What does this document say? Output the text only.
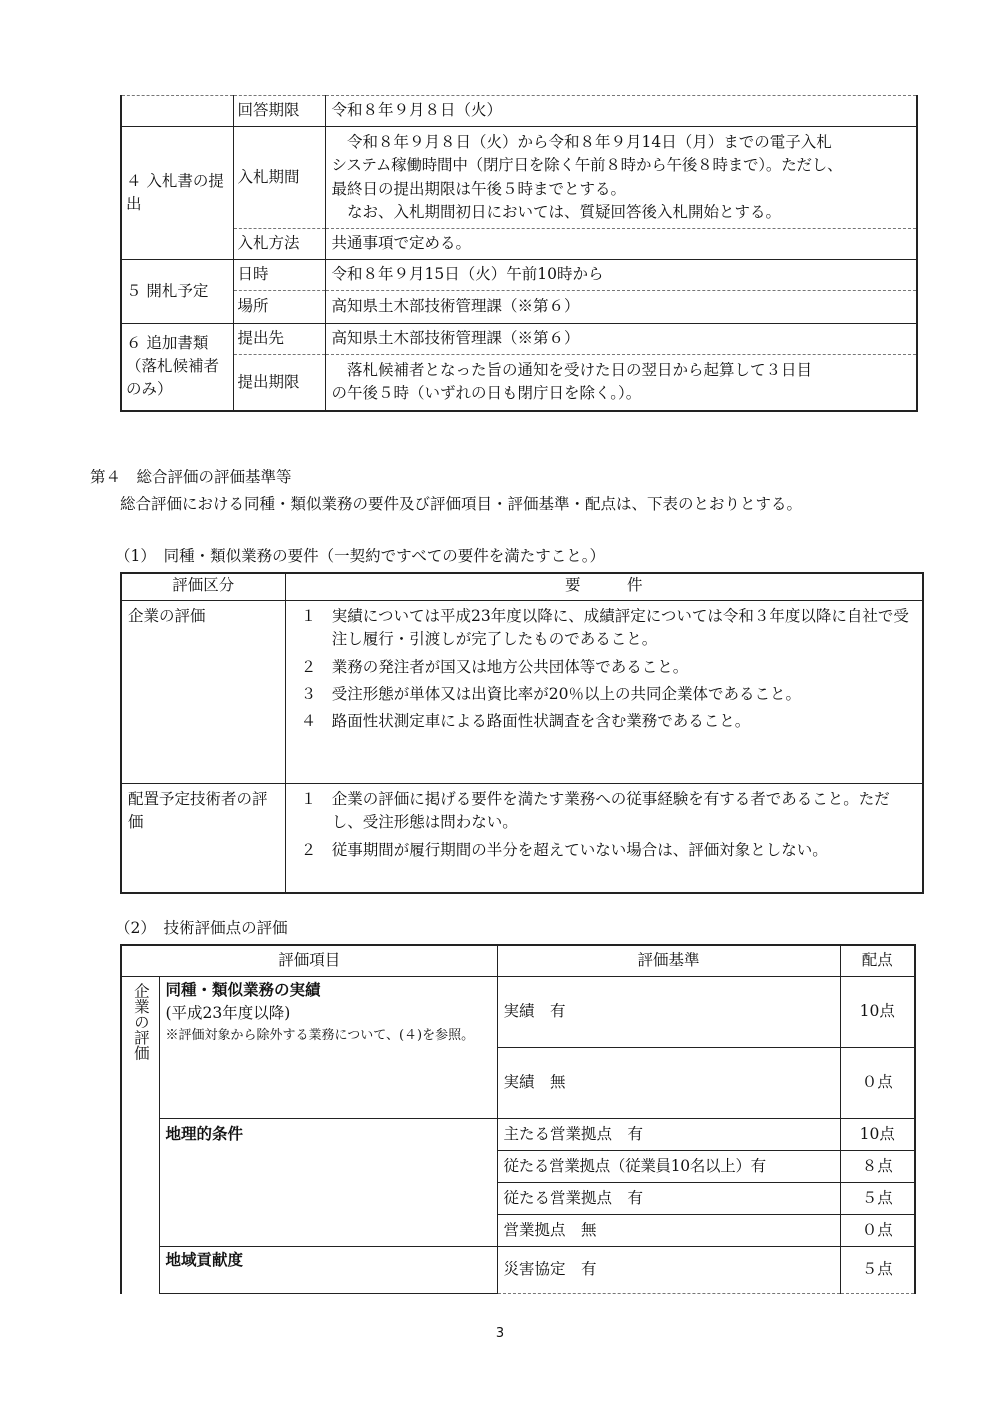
	回答期限	令和８年９月８日（火）
４ 入札書の提出	入札期間	令和８年９月８日（火）から令和８年９月14日（月）までの電子入札
システム稼働時間中（閉庁日を除く午前８時から午後８時まで）。ただし、
最終日の提出期限は午後５時までとする。
なお、入札期間初日においては、質疑回答後入札開始とする。

	入札方法	共通事項で定める。
５ 開札予定	日時	令和８年９月15日（火）午前10時から
	場所	高知県土木部技術管理課（※第６）
６ 追加書類（落札候補者のみ）	提出先	高知県土木部技術管理課（※第６）
	提出期限	落札候補者となった旨の通知を受けた日の翌日から起算して３日目
の午後５時（いずれの日も閉庁日を除く。）。

第４　総合評価の評価基準等

総合評価における同種・類似業務の要件及び評価項目・評価基準・配点は、下表のとおりとする。

（1）　同種・類似業務の要件（一契約ですべての要件を満たすこと。）

評価区分	要　　　件
企業の評価	１ 実績については平成23年度以降に、成績評定については令和３年度以降に自社で受注し履行・引渡しが完了したものであること。

２ 業務の発注者が国又は地方公共団体等であること。

３ 受注形態が単体又は出資比率が20％以上の共同企業体であること。

４ 路面性状測定車による路面性状調査を含む業務であること。

配置予定技術者の評価	１ 企業の評価に掲げる要件を満たす業務への従事経験を有する者であること。ただし、受注形態は問わない。

２ 従事期間が履行期間の半分を超えていない場合は、評価対象としない。

（2）　技術評価点の評価

評価項目		評価基準	配点

企業の評価	同種・類似業務の実績
(平成23年度以降)
※評価対象から除外する業務について、(４)を参照。	実績　有	10点
		実績　無	０点

	地理的条件	主たる営業拠点　有	10点
		従たる営業拠点（従業員10名以上）有	８点
		従たる営業拠点　有	５点
		営業拠点　無	０点

	地域貢献度	災害協定　有	５点
3
